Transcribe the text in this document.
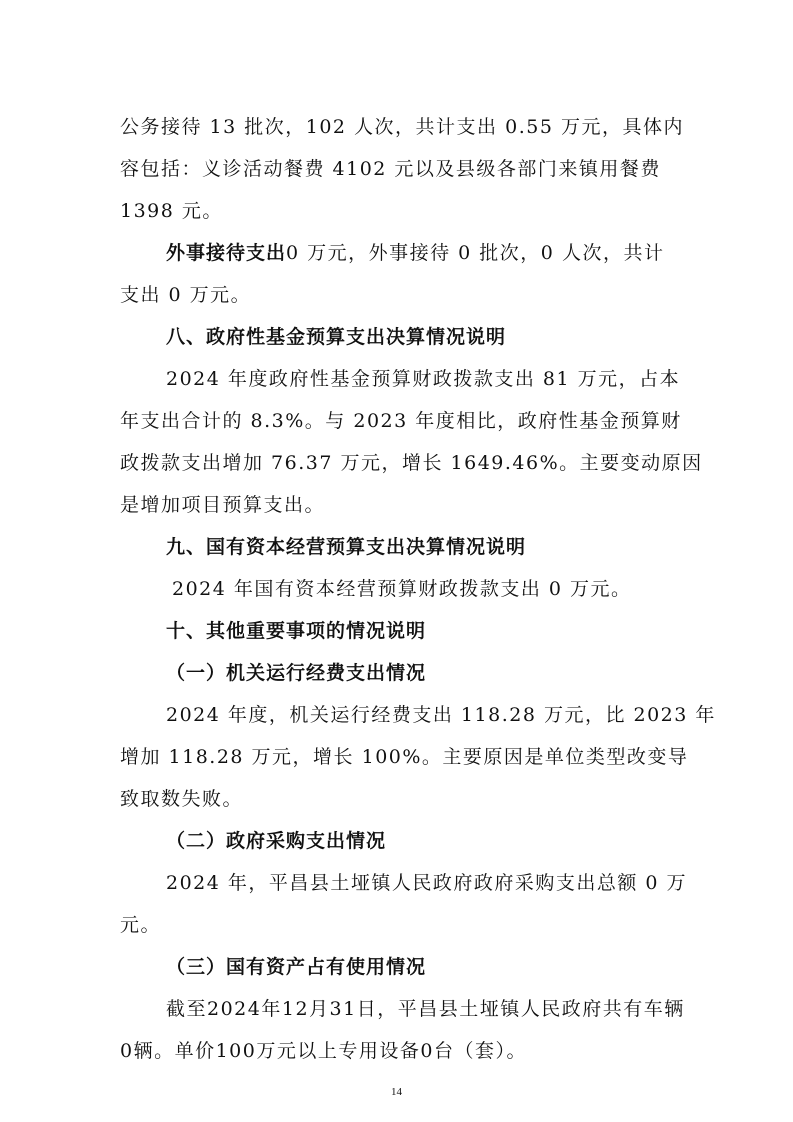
公务接待 13 批次，102 人次，共计支出 0.55 万元，具体内
容包括：义诊活动餐费 4102 元以及县级各部门来镇用餐费
1398 元。
外事接待支出0 万元，外事接待 0 批次，0 人次，共计
支出 0 万元。
八、政府性基金预算支出决算情况说明
2024 年度政府性基金预算财政拨款支出 81 万元，占本
年支出合计的 8.3%。与 2023 年度相比，政府性基金预算财
政拨款支出增加 76.37 万元，增长 1649.46%。主要变动原因
是增加项目预算支出。
九、国有资本经营预算支出决算情况说明
2024 年国有资本经营预算财政拨款支出 0 万元。
十、其他重要事项的情况说明
（一）机关运行经费支出情况
2024 年度，机关运行经费支出 118.28 万元，比 2023 年
增加 118.28 万元，增长 100%。主要原因是单位类型改变导
致取数失败。
（二）政府采购支出情况
2024 年，平昌县土垭镇人民政府政府采购支出总额 0 万
元。
（三）国有资产占有使用情况
截至2024年12月31日，平昌县土垭镇人民政府共有车辆
0辆。单价100万元以上专用设备0台（套）。
14
